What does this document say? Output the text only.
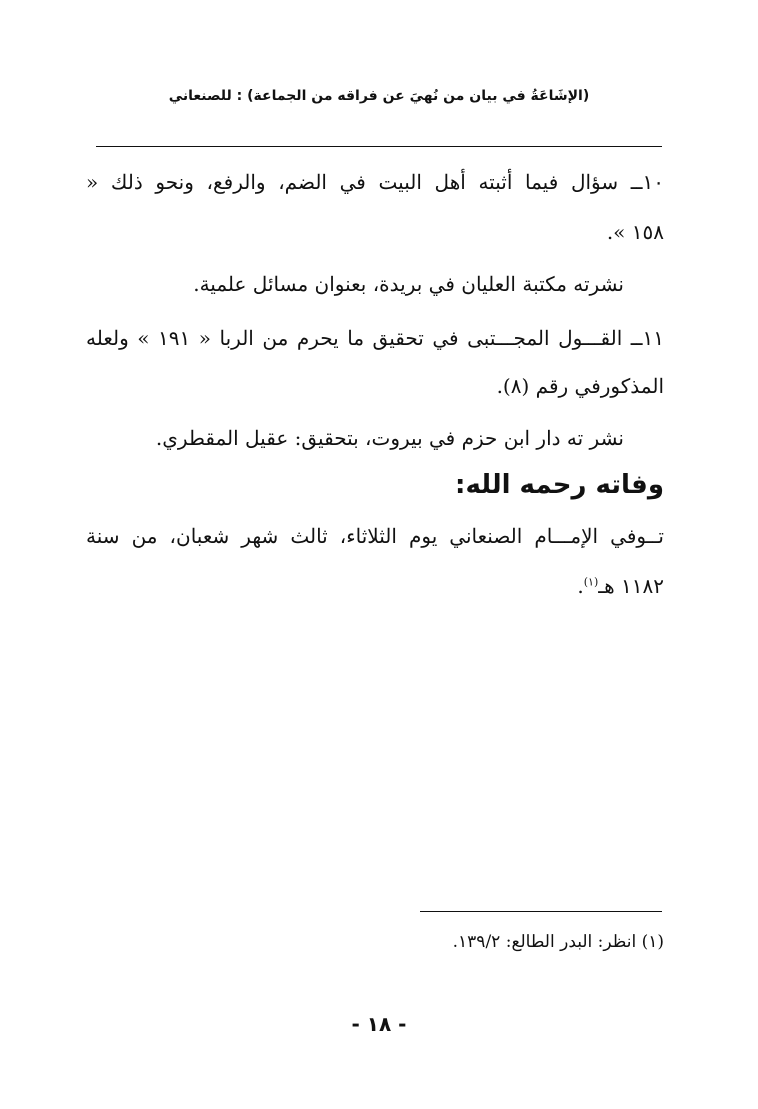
(الإشَاعَةُ في بيان من نُهيَ عن فراقه من الجماعة) : للصنعاني
١٠ــ سؤال فيما أثبته أهل البيت في الضم، والرفع، ونحو ذلك «
١٥٨ ».
نشرته مكتبة العليان في بريدة، بعنوان مسائل علمية.
١١ــ القـــول المجـــتبى في تحقيق ما يحرم من الربا « ١٩١ » ولعله
المذكورفي رقم (٨).
نشر ته دار ابن حزم في بيروت، بتحقيق: عقيل المقطري.
وفاته رحمه الله:
تــوفي الإمـــام الصنعاني يوم الثلاثاء، ثالث شهر شعبان، من سنة
١١٨٢ هـ$^{(١)}$.
(١) انظر: البدر الطالع: ١٣٩/٢.
- ١٨ -
